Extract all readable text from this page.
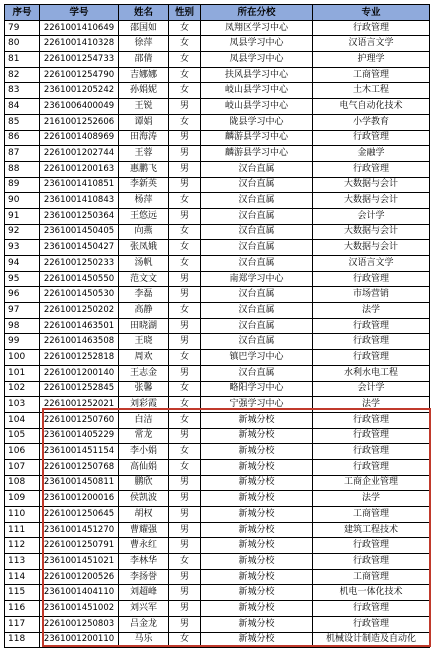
序号	学号	姓名	性别	所在分校	专业
79	2261001410649	邵国如	女	凤翔区学习中心	行政管理
80	2261001410328	徐萍	女	凤县学习中心	汉语言文学
81	2261001254733	邵倩	女	凤县学习中心	护理学
82	2261001254790	吉娜娜	女	扶风县学习中心	工商管理
83	2361001205242	孙娟妮	女	岐山县学习中心	土木工程
84	2361006400049	王锐	男	岐山县学习中心	电气自动化技术
85	2161001252606	谭娟	女	陇县学习中心	小学教育
86	2261001408969	田海涛	男	麟游县学习中心	行政管理
87	2261001202744	王蓉	男	麟游县学习中心	金融学
88	2261001200163	惠鹏飞	男	汉台直属	行政管理
89	2361001410851	李新英	男	汉台直属	大数据与会计
90	2361001410843	杨萍	女	汉台直属	大数据与会计
91	2361001250364	王悠远	男	汉台直属	会计学
92	2361001450405	向燕	女	汉台直属	大数据与会计
93	2361001450427	张凤娥	女	汉台直属	大数据与会计
94	2261001250233	汤帆	女	汉台直属	汉语言文学
95	2261001450550	范文文	男	南郑学习中心	行政管理
96	2261001450530	李磊	男	汉台直属	市场营销
97	2261001250202	高静	女	汉台直属	法学
98	2261001463501	田晓湖	男	汉台直属	行政管理
99	2261001463508	王晓	男	汉台直属	行政管理
100	2261001252818	周欢	女	镇巴学习中心	行政管理
101	2261001200140	王志金	男	汉台直属	水利水电工程
102	2261001252845	张馨	女	略阳学习中心	会计学
103	2261001252021	刘彩霞	女	宁强学习中心	法学
104	2261001250760	白洁	女	新城分校	行政管理
105	2361001405229	常龙	男	新城分校	行政管理
106	2361001451154	李小娟	女	新城分校	行政管理
107	2261001250768	高仙娟	女	新城分校	行政管理
108	2361001450811	鹏欣	男	新城分校	工商企业管理
109	2361001200016	侯凯波	男	新城分校	法学
110	2261001250645	胡权	男	新城分校	工商管理
111	2361001451270	曹耀强	男	新城分校	建筑工程技术
112	2261001250791	曹永红	男	新城分校	行政管理
113	2361001451021	李林华	女	新城分校	行政管理
114	2261001200526	李扬誉	男	新城分校	工商管理
115	2361001404110	刘超峰	男	新城分校	机电一体化技术
116	2361001451002	刘兴军	男	新城分校	行政管理
117	2261001250803	吕金龙	男	新城分校	行政管理
118	2361001200110	马乐	女	新城分校	机械设计制造及自动化
